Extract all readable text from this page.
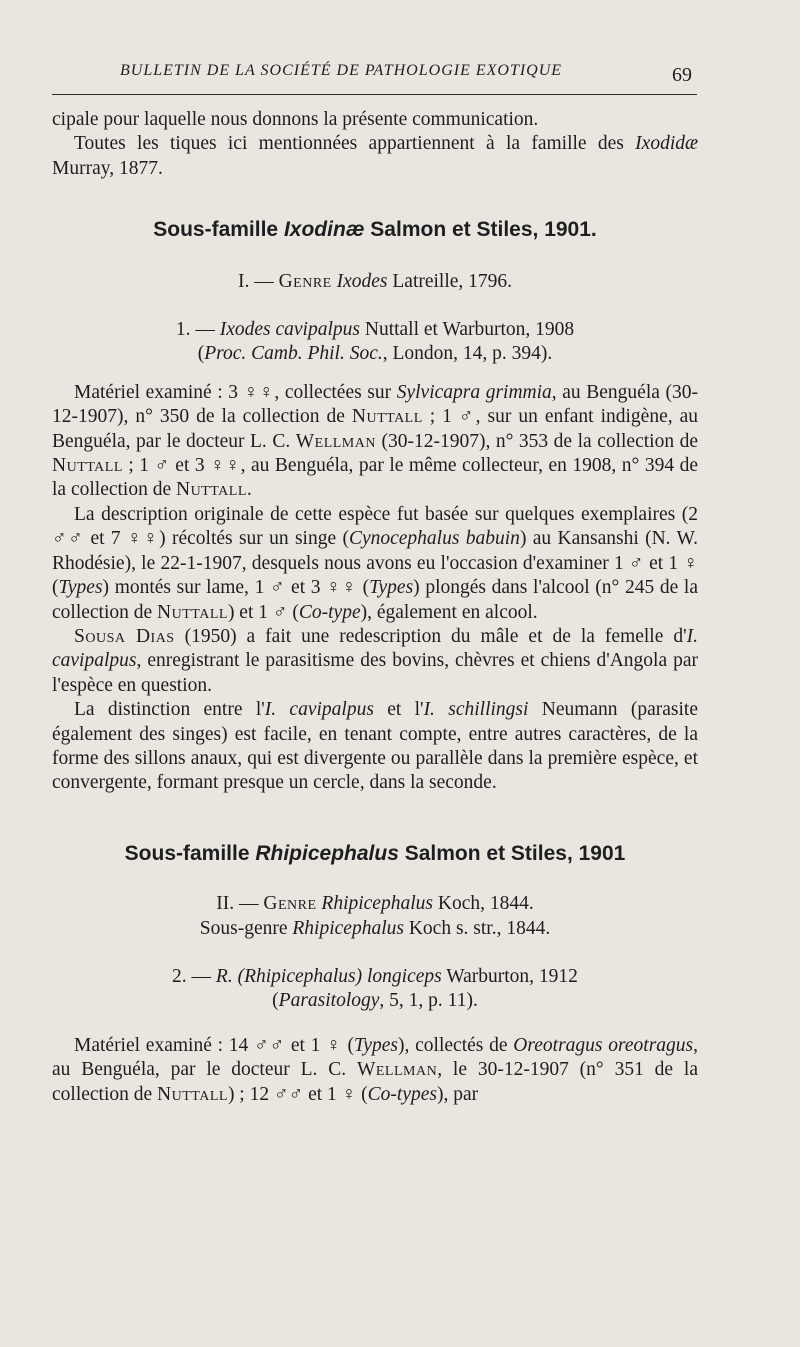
BULLETIN DE LA SOCIÉTÉ DE PATHOLOGIE EXOTIQUE	69

cipale pour laquelle nous donnons la présente communication.

Toutes les tiques ici mentionnées appartiennent à la famille des Ixodidæ Murray, 1877.

Sous-famille Ixodinæ Salmon et Stiles, 1901.

I. — Genre Ixodes Latreille, 1796.

1. — Ixodes cavipalpus Nuttall et Warburton, 1908

(Proc. Camb. Phil. Soc., London, 14, p. 394).

Matériel examiné : 3 ♀♀, collectées sur Sylvicapra grimmia, au Benguéla (30-12-1907), n° 350 de la collection de Nuttall ; 1 ♂, sur un enfant indigène, au Benguéla, par le docteur L. C. Wellman (30-12-1907), n° 353 de la collection de Nuttall ; 1 ♂ et 3 ♀♀, au Benguéla, par le même collecteur, en 1908, n° 394 de la collection de Nuttall.

La description originale de cette espèce fut basée sur quelques exemplaires (2 ♂♂ et 7 ♀♀) récoltés sur un singe (Cynocephalus babuin) au Kansanshi (N. W. Rhodésie), le 22-1-1907, desquels nous avons eu l'occasion d'examiner 1 ♂ et 1 ♀ (Types) montés sur lame, 1 ♂ et 3 ♀♀ (Types) plongés dans l'alcool (n° 245 de la collection de Nuttall) et 1 ♂ (Co-type), également en alcool.

Sousa Dias (1950) a fait une redescription du mâle et de la femelle d'I. cavipalpus, enregistrant le parasitisme des bovins, chèvres et chiens d'Angola par l'espèce en question.

La distinction entre l'I. cavipalpus et l'I. schillingsi Neumann (parasite également des singes) est facile, en tenant compte, entre autres caractères, de la forme des sillons anaux, qui est divergente ou parallèle dans la première espèce, et convergente, formant presque un cercle, dans la seconde.

Sous-famille Rhipicephalus Salmon et Stiles, 1901

II. — Genre Rhipicephalus Koch, 1844.

Sous-genre Rhipicephalus Koch s. str., 1844.

2. — R. (Rhipicephalus) longiceps Warburton, 1912

(Parasitology, 5, 1, p. 11).

Matériel examiné : 14 ♂♂ et 1 ♀ (Types), collectés de Oreotragus oreotragus, au Benguéla, par le docteur L. C. Wellman, le 30-12-1907 (n° 351 de la collection de Nuttall) ; 12 ♂♂ et 1 ♀ (Co-types), par
